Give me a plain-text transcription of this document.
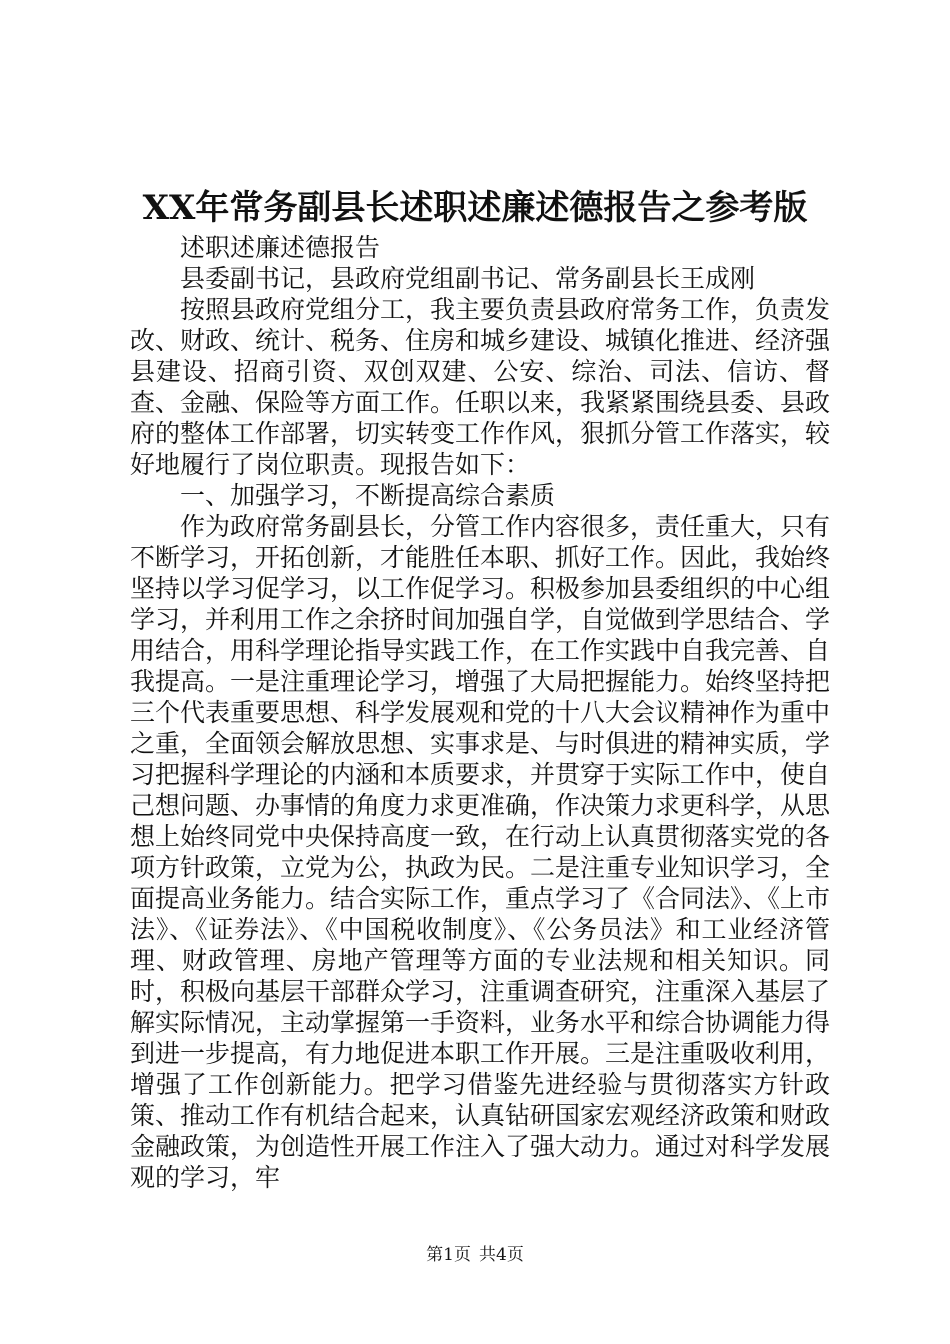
XX年常务副县长述职述廉述德报告之参考版

述职述廉述德报告

县委副书记，县政府党组副书记、常务副县长王成刚

按照县政府党组分工，我主要负责县政府常务工作，负责发改、财政、统计、税务、住房和城乡建设、城镇化推进、经济强县建设、招商引资、双创双建、公安、综治、司法、信访、督查、金融、保险等方面工作。任职以来，我紧紧围绕县委、县政府的整体工作部署，切实转变工作作风，狠抓分管工作落实，较好地履行了岗位职责。现报告如下：

一、加强学习，不断提高综合素质

作为政府常务副县长，分管工作内容很多，责任重大，只有不断学习，开拓创新，才能胜任本职、抓好工作。因此，我始终坚持以学习促学习，以工作促学习。积极参加县委组织的中心组学习，并利用工作之余挤时间加强自学，自觉做到学思结合、学用结合，用科学理论指导实践工作，在工作实践中自我完善、自我提高。一是注重理论学习，增强了大局把握能力。始终坚持把三个代表重要思想、科学发展观和党的十八大会议精神作为重中之重，全面领会解放思想、实事求是、与时俱进的精神实质，学习把握科学理论的内涵和本质要求，并贯穿于实际工作中，使自己想问题、办事情的角度力求更准确，作决策力求更科学，从思想上始终同党中央保持高度一致，在行动上认真贯彻落实党的各项方针政策，立党为公，执政为民。二是注重专业知识学习，全面提高业务能力。结合实际工作，重点学习了《合同法》、《上市法》、《证券法》、《中国税收制度》、《公务员法》和工业经济管理、财政管理、房地产管理等方面的专业法规和相关知识。同时，积极向基层干部群众学习，注重调查研究，注重深入基层了解实际情况，主动掌握第一手资料，业务水平和综合协调能力得到进一步提高，有力地促进本职工作开展。三是注重吸收利用，增强了工作创新能力。把学习借鉴先进经验与贯彻落实方针政策、推动工作有机结合起来，认真钻研国家宏观经济政策和财政金融政策，为创造性开展工作注入了强大动力。通过对科学发展观的学习，牢

第1页 共4页
